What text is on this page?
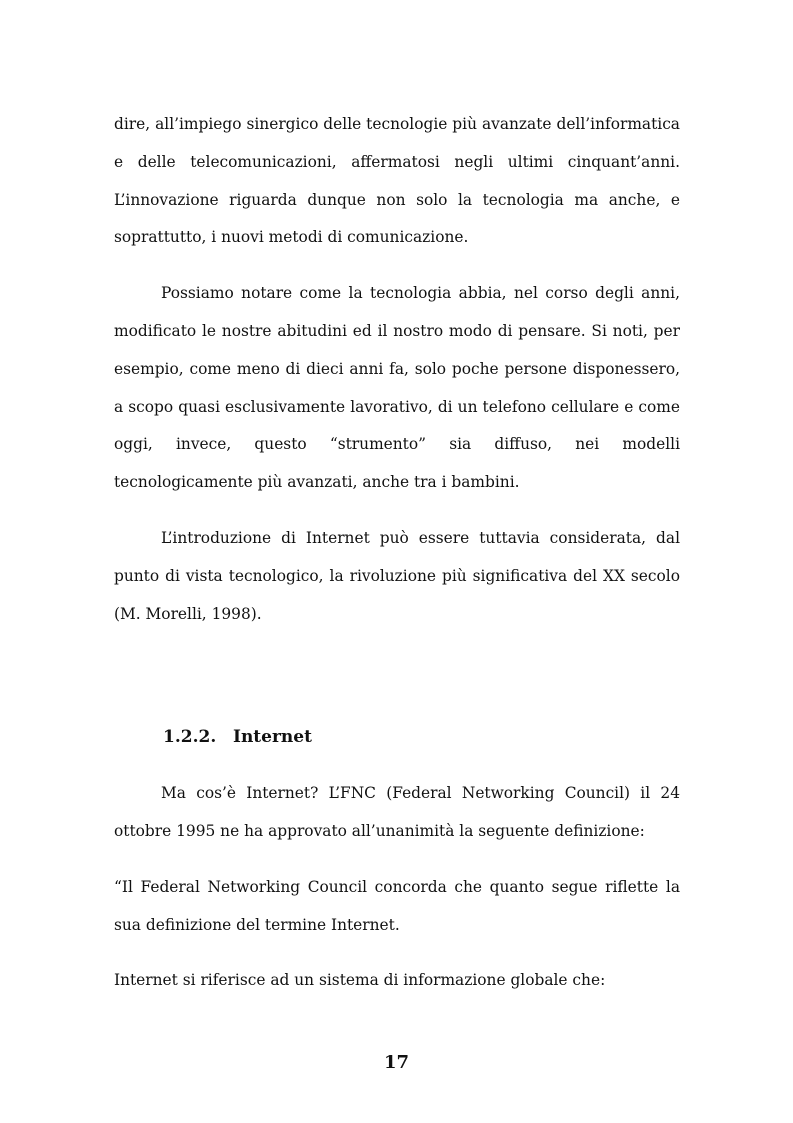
dire, all’impiego sinergico delle tecnologie più avanzate dell’informatica e delle telecomunicazioni, affermatosi negli ultimi cinquant’anni. L’innovazione riguarda dunque non solo la tecnologia ma anche, e soprattutto, i nuovi metodi di comunicazione.

Possiamo notare come la tecnologia abbia, nel corso degli anni, modificato le nostre abitudini ed il nostro modo di pensare. Si noti, per esempio, come meno di dieci anni fa, solo poche persone disponessero, a scopo quasi esclusivamente lavorativo, di un telefono cellulare e come oggi, invece, questo “strumento” sia diffuso, nei modelli tecnologicamente più avanzati, anche tra i bambini.

L’introduzione di Internet può essere tuttavia considerata, dal punto di vista tecnologico, la rivoluzione più significativa del XX secolo (M. Morelli, 1998).

1.2.2. Internet

Ma cos’è Internet? L’FNC (Federal Networking Council) il 24 ottobre 1995 ne ha approvato all’unanimità la seguente definizione:

“Il Federal Networking Council concorda che quanto segue riflette la sua definizione del termine Internet.

Internet si riferisce ad un sistema di informazione globale che:

17
